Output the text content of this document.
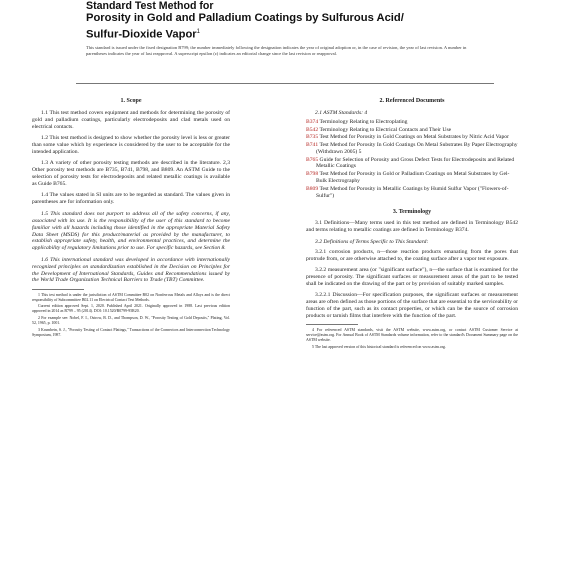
Standard Test Method for
Porosity in Gold and Palladium Coatings by Sulfurous Acid/
Sulfur-Dioxide Vapor$^1$
This standard is issued under the fixed designation B799; the number immediately following the designation indicates the year of original adoption or, in the case of revision, the year of last revision. A number in parentheses indicates the year of last reapproval. A superscript epsilon (ε) indicates an editorial change since the last revision or reapproval.
1. Scope

1.1 This test method covers equipment and methods for determining the porosity of gold and palladium coatings, particularly electrodeposits and clad metals used on electrical contacts.

1.2 This test method is designed to show whether the porosity level is less or greater than some value which by experience is considered by the user to be acceptable for the intended application.

1.3 A variety of other porosity testing methods are described in the literature. 2,3 Other porosity test methods are B735, B741, B798, and B809. An ASTM Guide to the selection of porosity tests for electrodeposits and related metallic coatings is available as Guide B765.

1.4 The values stated in SI units are to be regarded as standard. The values given in parentheses are for information only.

1.5 This standard does not purport to address all of the safety concerns, if any, associated with its use. It is the responsibility of the user of this standard to become familiar with all hazards including those identified in the appropriate Material Safety Data Sheet (MSDS) for this product/material as provided by the manufacturer, to establish appropriate safety, health, and environmental practices, and determine the applicability of regulatory limitations prior to use. For specific hazards, see Section 8.

1.6 This international standard was developed in accordance with internationally recognized principles on standardization established in the Decision on Principles for the Development of International Standards, Guides and Recommendations issued by the World Trade Organization Technical Barriers to Trade (TBT) Committee.

1 This test method is under the jurisdiction of ASTM Committee B02 on Nonferrous Metals and Alloys and is the direct responsibility of Subcommittee B02.11 on Electrical Contact Test Methods.

Current edition approved Sept. 1, 2020. Published April 2021. Originally approved in 1988. Last previous edition approved in 2014 as B799 – 95 (2014). DOI: 10.1520/B0799-95R20.

2 For example see: Nobel, F. I., Ostrow, B. D., and Thompson, D. W., "Porosity Testing of Gold Deposits," Plating, Vol. 52, 1965, p. 1001.

3 Krumbein, S. J., "Porosity Testing of Contact Platings," Transactions of the Connectors and Interconnection Technology Symposium, 1987.

2. Referenced Documents

2.1 ASTM Standards: 4

B374 Terminology Relating to Electroplating
B542 Terminology Relating to Electrical Contacts and Their Use
B735 Test Method for Porosity in Gold Coatings on Metal Substrates by Nitric Acid Vapor
B741 Test Method for Porosity In Gold Coatings On Metal Substrates By Paper Electrography (Withdrawn 2005) 5
B765 Guide for Selection of Porosity and Gross Defect Tests for Electrodeposits and Related Metallic Coatings
B798 Test Method for Porosity in Gold or Palladium Coatings on Metal Substrates by Gel-Bulk Electrography
B809 Test Method for Porosity in Metallic Coatings by Humid Sulfur Vapor ("Flowers-of-Sulfur")
3. Terminology

3.1 Definitions—Many terms used in this test method are defined in Terminology B542 and terms relating to metallic coatings are defined in Terminology B374.

3.2 Definitions of Terms Specific to This Standard:

3.2.1 corrosion products, n—those reaction products emanating from the pores that protrude from, or are otherwise attached to, the coating surface after a vapor test exposure.

3.2.2 measurement area (or "significant surface"), n—the surface that is examined for the presence of porosity. The significant surfaces or measurement areas of the part to be tested shall be indicated on the drawing of the part or by provision of suitably marked samples.

3.2.2.1 Discussion—For specification purposes, the significant surfaces or measurement areas are often defined as those portions of the surface that are essential to the serviceability or function of the part, such as its contact properties, or which can be the source of corrosion products or tarnish films that interfere with the function of the part.

4 For referenced ASTM standards, visit the ASTM website, www.astm.org, or contact ASTM Customer Service at service@astm.org. For Annual Book of ASTM Standards volume information, refer to the standard's Document Summary page on the ASTM website.

5 The last approved version of this historical standard is referenced on www.astm.org.
